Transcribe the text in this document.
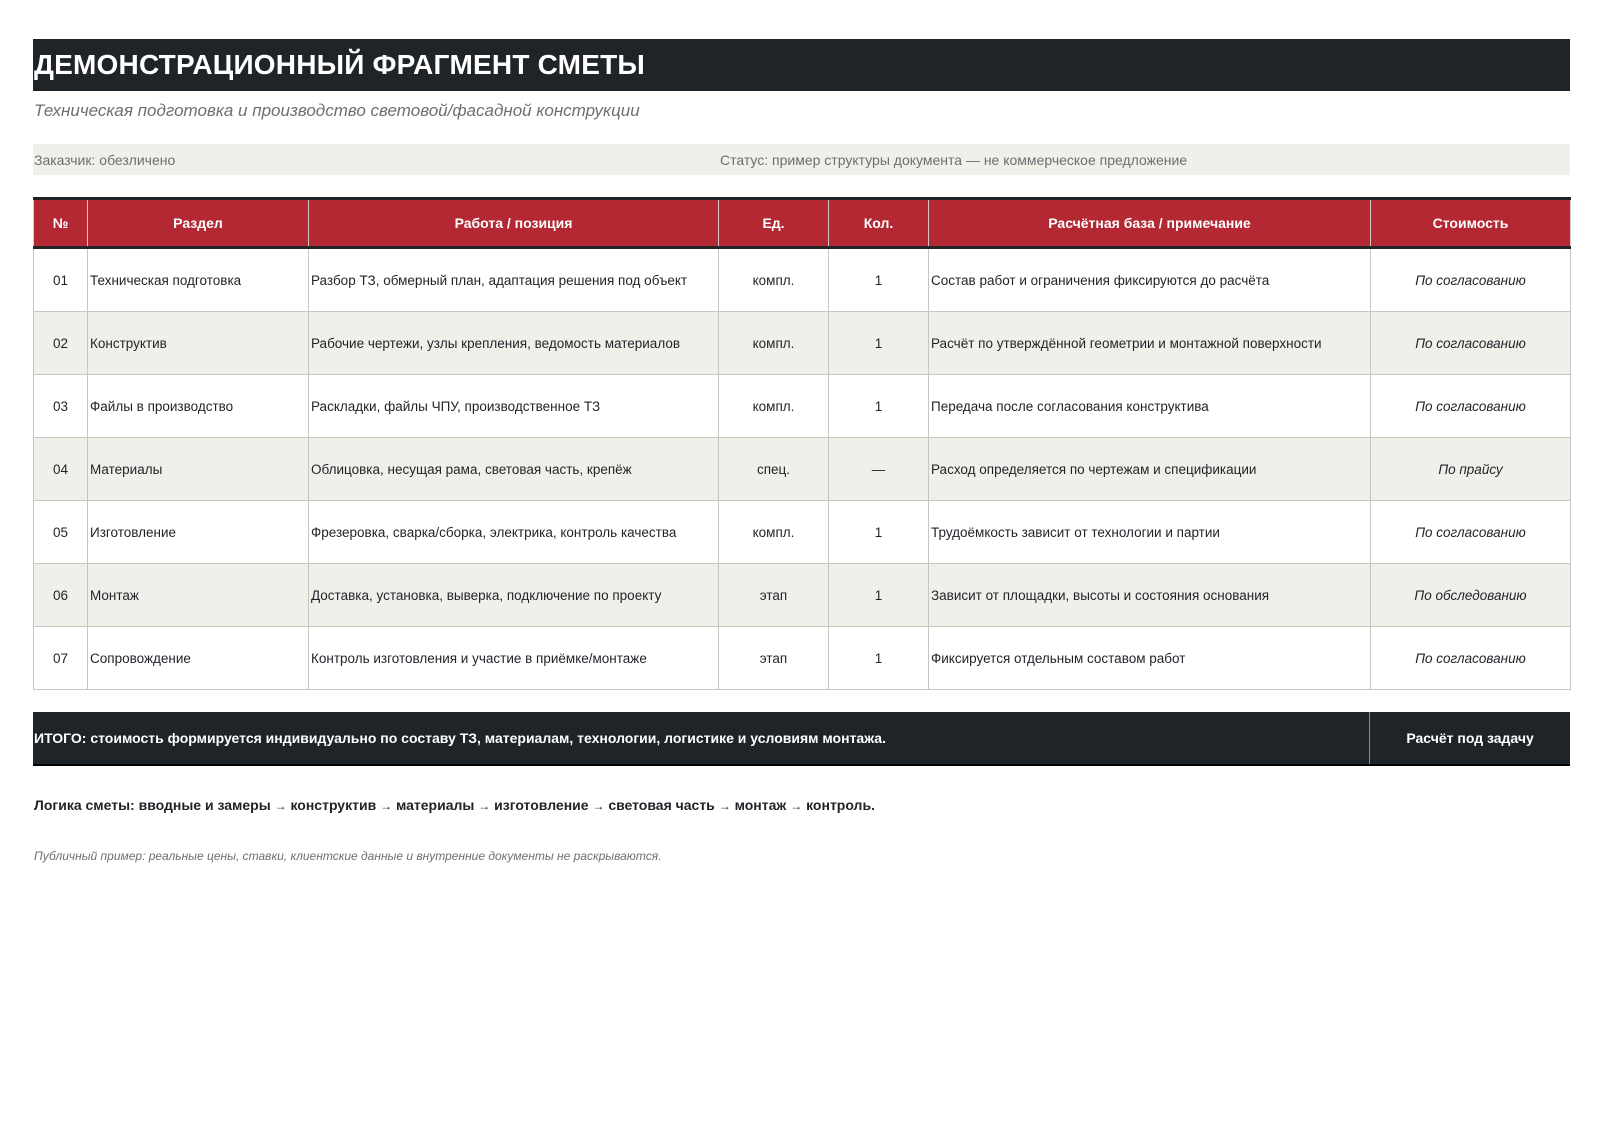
ДЕМОНСТРАЦИОННЫЙ ФРАГМЕНТ СМЕТЫ
Техническая подготовка и производство световой/фасадной конструкции
Заказчик: обезличено	Статус: пример структуры документа — не коммерческое предложение
№	Раздел	Работа / позиция	Ед.	Кол.	Расчётная база / примечание	Стоимость
01	Техническая подготовка	Разбор ТЗ, обмерный план, адаптация решения под объект	компл.	1	Состав работ и ограничения фиксируются до расчёта	По согласованию
02	Конструктив	Рабочие чертежи, узлы крепления, ведомость материалов	компл.	1	Расчёт по утверждённой геометрии и монтажной поверхности	По согласованию
03	Файлы в производство	Раскладки, файлы ЧПУ, производственное ТЗ	компл.	1	Передача после согласования конструктива	По согласованию
04	Материалы	Облицовка, несущая рама, световая часть, крепёж	спец.	—	Расход определяется по чертежам и спецификации	По прайсу
05	Изготовление	Фрезеровка, сварка/сборка, электрика, контроль качества	компл.	1	Трудоёмкость зависит от технологии и партии	По согласованию
06	Монтаж	Доставка, установка, выверка, подключение по проекту	этап	1	Зависит от площадки, высоты и состояния основания	По обследованию
07	Сопровождение	Контроль изготовления и участие в приёмке/монтаже	этап	1	Фиксируется отдельным составом работ	По согласованию
ИТОГО: стоимость формируется индивидуально по составу ТЗ, материалам, технологии, логистике и условиям монтажа.	Расчёт под задачу
Логика сметы: вводные и замеры → конструктив → материалы → изготовление → световая часть → монтаж → контроль.
Публичный пример: реальные цены, ставки, клиентские данные и внутренние документы не раскрываются.
